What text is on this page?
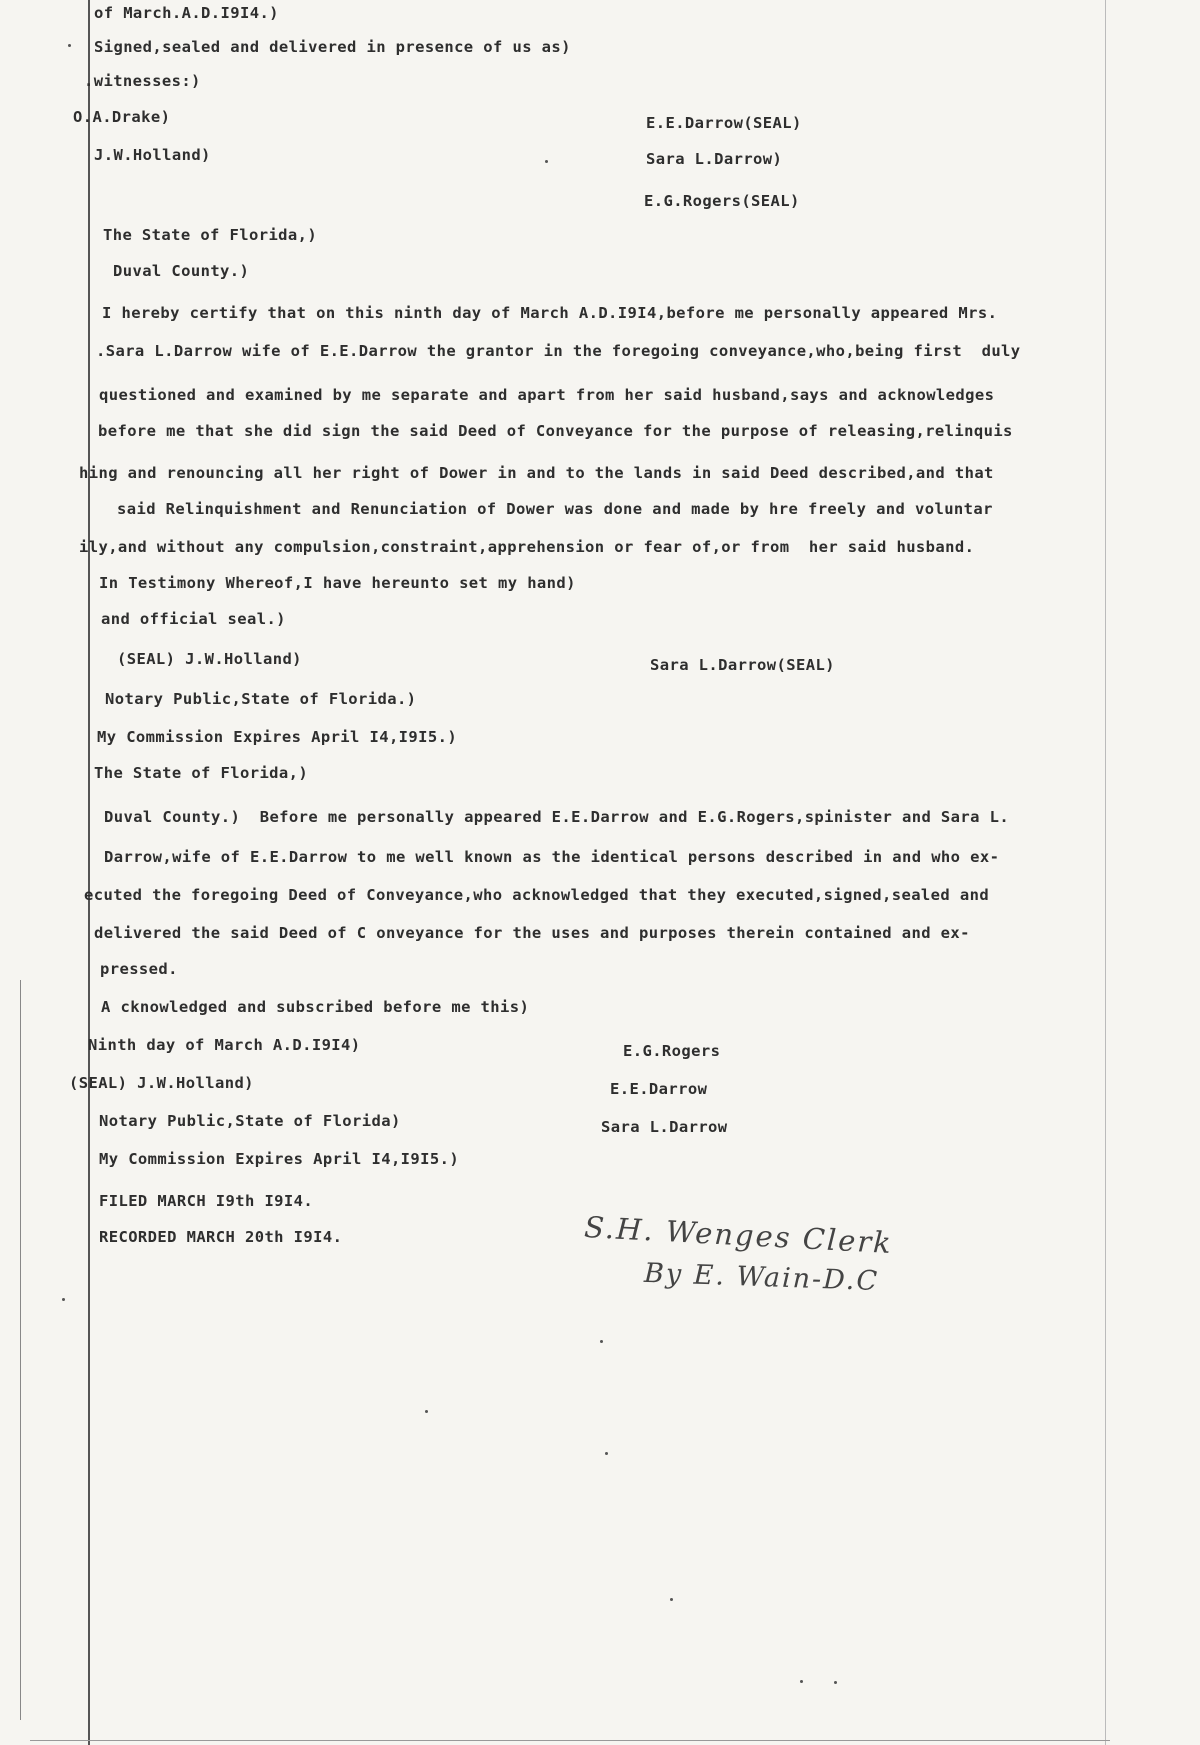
of March.A.D.I9I4.)
Signed,sealed and delivered in presence of us as)
.witnesses:)
O.A.Drake)	E.E.Darrow(SEAL)
J.W.Holland)	Sara L.Darrow)
E.G.Rogers(SEAL)
The State of Florida,)
Duval County.)
I hereby certify that on this ninth day of March A.D.I9I4,before me personally appeared Mrs.
.Sara L.Darrow wife of E.E.Darrow the grantor in the foregoing conveyance,who,being first  duly
questioned and examined by me separate and apart from her said husband,says and acknowledges
before me that she did sign the said Deed of Conveyance for the purpose of releasing,relinquis
hing and renouncing all her right of Dower in and to the lands in said Deed described,and that
said Relinquishment and Renunciation of Dower was done and made by hre freely and voluntar
ily,and without any compulsion,constraint,apprehension or fear of,or from  her said husband.
In Testimony Whereof,I have hereunto set my hand)
and official seal.)
(SEAL) J.W.Holland)	Sara L.Darrow(SEAL)
Notary Public,State of Florida.)
My Commission Expires April I4,I9I5.)
The State of Florida,)
Duval County.)  Before me personally appeared E.E.Darrow and E.G.Rogers,spinister and Sara L.
Darrow,wife of E.E.Darrow to me well known as the identical persons described in and who ex-
ecuted the foregoing Deed of Conveyance,who acknowledged that they executed,signed,sealed and
delivered the said Deed of C onveyance for the uses and purposes therein contained and ex-
pressed.
A cknowledged and subscribed before me this)
Ninth day of March A.D.I9I4)	E.G.Rogers
(SEAL) J.W.Holland)	E.E.Darrow
Notary Public,State of Florida)	Sara L.Darrow
My Commission Expires April I4,I9I5.)
FILED MARCH I9th I9I4.
RECORDED MARCH 20th I9I4.	S.H. Wenges Clerk
By E. Wain-D.C
